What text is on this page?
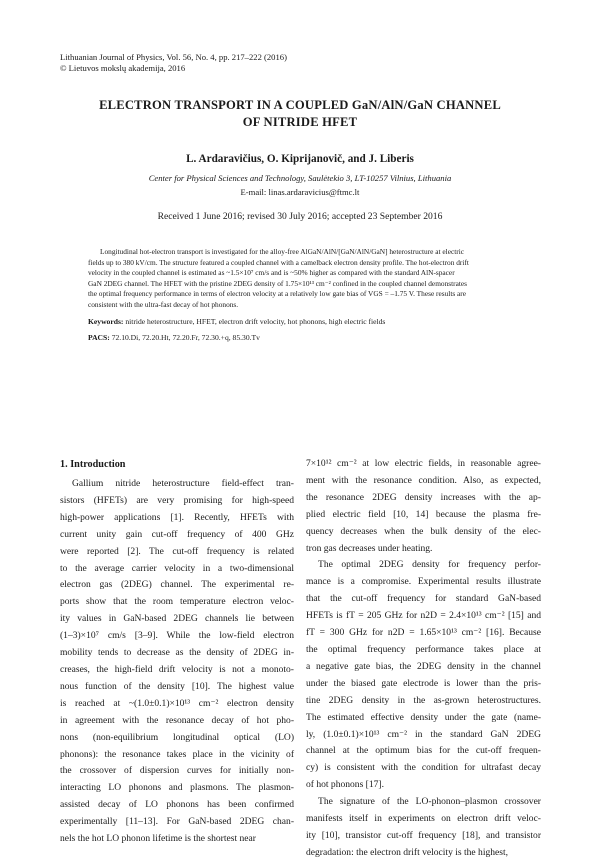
Lithuanian Journal of Physics, Vol. 56, No. 4, pp. 217–222 (2016)
© Lietuvos mokslų akademija, 2016
ELECTRON TRANSPORT IN A COUPLED GaN/AlN/GaN CHANNEL
OF NITRIDE HFET
L. Ardaravičius, O. Kiprijanovič, and J. Liberis
Center for Physical Sciences and Technology, Saulėtekio 3, LT-10257 Vilnius, Lithuania
E-mail: linas.ardaravicius@ftmc.lt
Received 1 June 2016; revised 30 July 2016; accepted 23 September 2016
Longitudinal hot-electron transport is investigated for the alloy-free AlGaN/AlN/[GaN/AlN/GaN] heterostructure at electric
fields up to 380 kV/cm. The structure featured a coupled channel with a camelback electron density profile. The hot-electron drift
velocity in the coupled channel is estimated as ~1.5×10⁷ cm/s and is ~50% higher as compared with the standard AlN-spacer
GaN 2DEG channel. The HFET with the pristine 2DEG density of 1.75×10¹³ cm⁻² confined in the coupled channel demonstrates
the optimal frequency performance in terms of electron velocity at a relatively low gate bias of VGS = –1.75 V. These results are
consistent with the ultra-fast decay of hot phonons.
Keywords: nitride heterostructure, HFET, electron drift velocity, hot phonons, high electric fields
PACS: 72.10.Di, 72.20.Ht, 72.20.Fr, 72.30.+q, 85.30.Tv
1. Introduction
Gallium nitride heterostructure field-effect tran-
sistors (HFETs) are very promising for high-speed
high-power applications [1]. Recently, HFETs with
current unity gain cut-off frequency of 400 GHz
were reported [2]. The cut-off frequency is related
to the average carrier velocity in a two-dimensional
electron gas (2DEG) channel. The experimental re-
ports show that the room temperature electron veloc-
ity values in GaN-based 2DEG channels lie between
(1–3)×10⁷ cm/s [3–9]. While the low-field electron
mobility tends to decrease as the density of 2DEG in-
creases, the high-field drift velocity is not a monoto-
nous function of the density [10]. The highest value
is reached at ~(1.0±0.1)×10¹³ cm⁻² electron density
in agreement with the resonance decay of hot pho-
nons (non-equilibrium longitudinal optical (LO)
phonons): the resonance takes place in the vicinity of
the crossover of dispersion curves for initially non-
interacting LO phonons and plasmons. The plasmon-
assisted decay of LO phonons has been confirmed
experimentally [11–13]. For GaN-based 2DEG chan-
nels the hot LO phonon lifetime is the shortest near
7×10¹² cm⁻² at low electric fields, in reasonable agree-
ment with the resonance condition. Also, as expected,
the resonance 2DEG density increases with the ap-
plied electric field [10, 14] because the plasma fre-
quency decreases when the bulk density of the elec-
tron gas decreases under heating.
The optimal 2DEG density for frequency perfor-
mance is a compromise. Experimental results illustrate
that the cut-off frequency for standard GaN-based
HFETs is fT = 205 GHz for n2D = 2.4×10¹³ cm⁻² [15] and
fT = 300 GHz for n2D = 1.65×10¹³ cm⁻² [16]. Because
the optimal frequency performance takes place at
a negative gate bias, the 2DEG density in the channel
under the biased gate electrode is lower than the pris-
tine 2DEG density in the as-grown heterostructures.
The estimated effective density under the gate (name-
ly, (1.0±0.1)×10¹³ cm⁻² in the standard GaN 2DEG
channel at the optimum bias for the cut-off frequen-
cy) is consistent with the condition for ultrafast decay
of hot phonons [17].
The signature of the LO-phonon–plasmon crossover
manifests itself in experiments on electron drift veloc-
ity [10], transistor cut-off frequency [18], and transistor
degradation: the electron drift velocity is the highest,
